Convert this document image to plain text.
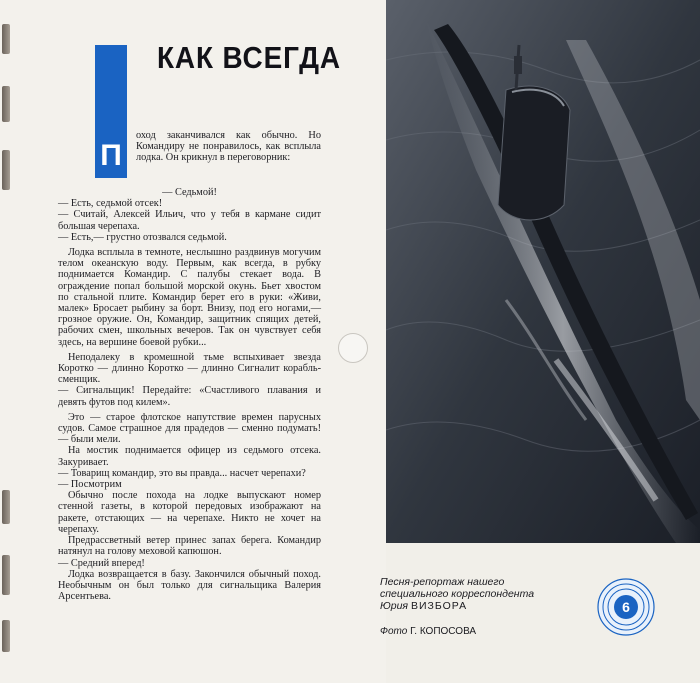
П
КАК ВСЕГДА

оход заканчивался как обычно. Но Командиру не понравилось, как всплыла лодка. Он крикнул в переговорник:

— Седьмой!

— Есть, седьмой отсек!

— Считай, Алексей Ильич, что у тебя в кармане сидит большая черепаха.

— Есть,— грустно отозвался седьмой.

Лодка всплыла в темноте, неслышно раздвинув могучим телом океанскую воду. Первым, как всегда, в рубку поднимается Командир. С палубы стекает вода. В ограждение попал большой морской окунь. Бьет хвостом по стальной плите. Командир берет его в руки: «Живи, малек» Бросает рыбину за борт. Внизу, под его ногами,— грозное оружие. Он, Командир, защитник спящих детей, рабочих смен, школьных вечеров. Так он чувствует себя здесь, на вершине боевой рубки...

Неподалеку в кромешной тьме вспыхивает звезда Коротко — длинно Коротко — длинно Сигналит корабль-сменщик.

— Сигнальщик! Передайте: «Счастливого плавания и девять футов под килем».

Это — старое флотское напутствие времен парусных судов. Самое страшное для прадедов — сменно подумать! — были мели.

На мостик поднимается офицер из седьмого отсека. Закуривает.

— Товарищ командир, это вы правда... насчет черепахи?

— Посмотрим

Обычно после похода на лодке выпускают номер стенной газеты, в которой передовых изображают на ракете, отстающих — на черепахе. Никто не хочет на черепаху.

Предрассветный ветер принес запах берега. Командир натянул на голову меховой капюшон.

— Средний вперед!

Лодка возвращается в базу. Закончился обычный поход. Необычным он был только для сигнальщика Валерия Арсентьева.

Песня-репортаж нашего
специального корреспондента
Юрия ВИЗБОРА
Фото Г. КОПОСОВА
6
